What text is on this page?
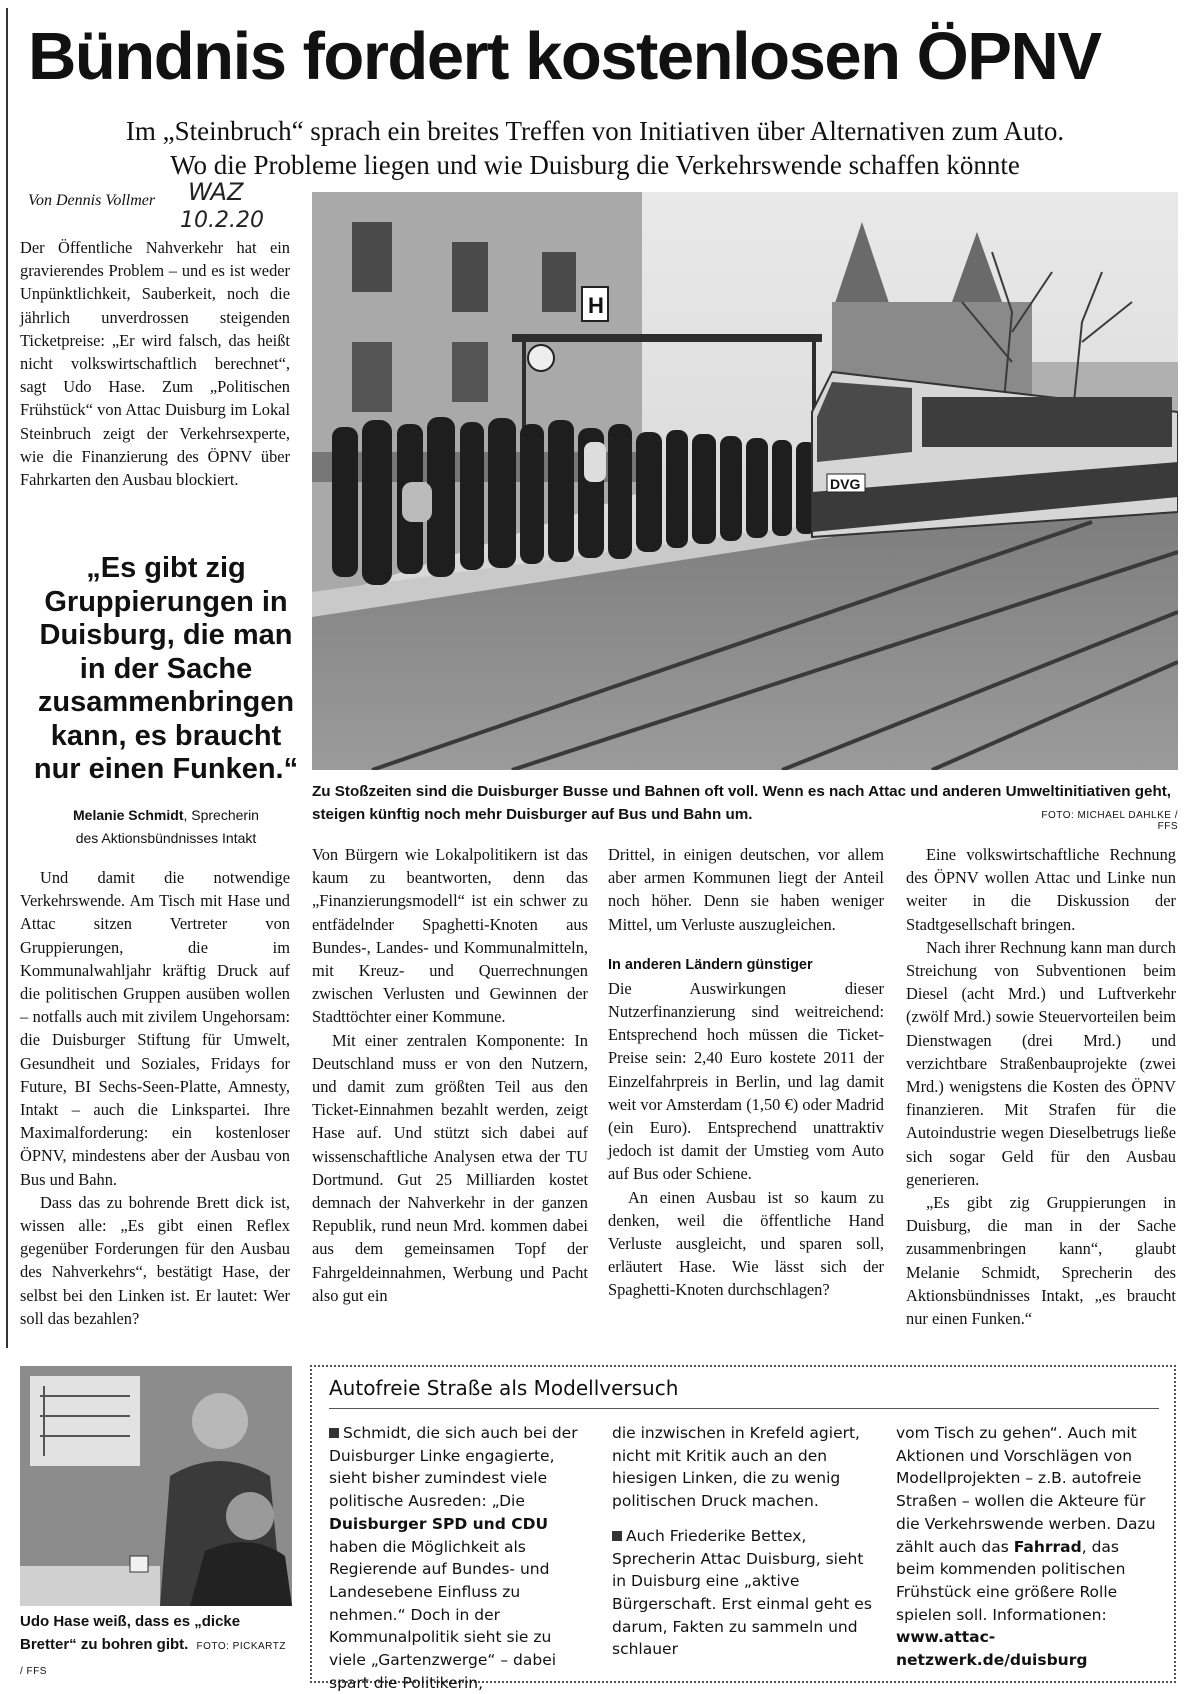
Bündnis fordert kostenlosen ÖPNV
Im „Steinbruch“ sprach ein breites Treffen von Initiativen über Alternativen zum Auto.
Wo die Probleme liegen und wie Duisburg die Verkehrswende schaffen könnte
Von Dennis Vollmer WAZ
10.2.20

Der Öffentliche Nahverkehr hat ein gravierendes Problem – und es ist weder Unpünktlichkeit, Sauberkeit, noch die jährlich unverdrossen steigenden Ticketpreise: „Er wird falsch, das heißt nicht volkswirtschaftlich berechnet“, sagt Udo Hase. Zum „Politischen Frühstück“ von Attac Duisburg im Lokal Steinbruch zeigt der Verkehrsexperte, wie die Finanzierung des ÖPNV über Fahrkarten den Ausbau blockiert.

„Es gibt zig Gruppierungen in Duisburg, die man in der Sache zusammenbringen kann, es braucht nur einen Funken.“
Melanie Schmidt, Sprecherin
des Aktionsbündnisses Intakt
H
DVG
Zu Stoßzeiten sind die Duisburger Busse und Bahnen oft voll. Wenn es nach Attac und anderen Umweltinitiativen geht, steigen künftig noch mehr Duisburger auf Bus und Bahn um.	FOTO: MICHAEL DAHLKE / FFS

Und damit die notwendige Verkehrswende. Am Tisch mit Hase und Attac sitzen Vertreter von Gruppierungen, die im Kommunalwahljahr kräftig Druck auf die politischen Gruppen ausüben wollen – notfalls auch mit zivilem Ungehorsam: die Duisburger Stiftung für Umwelt, Gesundheit und Soziales, Fridays for Future, BI Sechs-Seen-Platte, Amnesty, Intakt – auch die Linkspartei. Ihre Maximalforderung: ein kostenloser ÖPNV, mindestens aber der Ausbau von Bus und Bahn.

Dass das zu bohrende Brett dick ist, wissen alle: „Es gibt einen Reflex gegenüber Forderungen für den Ausbau des Nahverkehrs“, bestätigt Hase, der selbst bei den Linken ist. Er lautet: Wer soll das bezahlen?

Von Bürgern wie Lokalpolitikern ist das kaum zu beantworten, denn das „Finanzierungsmodell“ ist ein schwer zu entfädelnder Spaghetti-Knoten aus Bundes-, Landes- und Kommunalmitteln, mit Kreuz- und Querrechnungen zwischen Verlusten und Gewinnen der Stadttöchter einer Kommune.

Mit einer zentralen Komponente: In Deutschland muss er von den Nutzern, und damit zum größten Teil aus den Ticket-Einnahmen bezahlt werden, zeigt Hase auf. Und stützt sich dabei auf wissenschaftliche Analysen etwa der TU Dortmund. Gut 25 Milliarden kostet demnach der Nahverkehr in der ganzen Republik, rund neun Mrd. kommen dabei aus dem gemeinsamen Topf der Fahrgeldeinnahmen, Werbung und Pacht also gut ein

Drittel, in einigen deutschen, vor allem aber armen Kommunen liegt der Anteil noch höher. Denn sie haben weniger Mittel, um Verluste auszugleichen.

In anderen Ländern günstiger

Die Auswirkungen dieser Nutzerfinanzierung sind weitreichend: Entsprechend hoch müssen die Ticket-Preise sein: 2,40 Euro kostete 2011 der Einzelfahrpreis in Berlin, und lag damit weit vor Amsterdam (1,50 €) oder Madrid (ein Euro). Entsprechend unattraktiv jedoch ist damit der Umstieg vom Auto auf Bus oder Schiene.

An einen Ausbau ist so kaum zu denken, weil die öffentliche Hand Verluste ausgleicht, und sparen soll, erläutert Hase. Wie lässt sich der Spaghetti-Knoten durchschlagen?

Eine volkswirtschaftliche Rechnung des ÖPNV wollen Attac und Linke nun weiter in die Diskussion der Stadtgesellschaft bringen.

Nach ihrer Rechnung kann man durch Streichung von Subventionen beim Diesel (acht Mrd.) und Luftverkehr (zwölf Mrd.) sowie Steuervorteilen beim Dienstwagen (drei Mrd.) und verzichtbare Straßenbauprojekte (zwei Mrd.) wenigstens die Kosten des ÖPNV finanzieren. Mit Strafen für die Autoindustrie wegen Dieselbetrugs ließe sich sogar Geld für den Ausbau generieren.

„Es gibt zig Gruppierungen in Duisburg, die man in der Sache zusammenbringen kann“, glaubt Melanie Schmidt, Sprecherin des Aktionsbündnisses Intakt, „es braucht nur einen Funken.“

Udo Hase weiß, dass es „dicke Bretter“ zu bohren gibt. FOTO: PICKARTZ / FFS
Autofreie Straße als Modellversuch

Schmidt, die sich auch bei der Duisburger Linke engagierte, sieht bisher zumindest viele politische Ausreden: „Die Duisburger SPD und CDU haben die Möglichkeit als Regierende auf Bundes- und Landesebene Einfluss zu nehmen.“ Doch in der Kommunalpolitik sieht sie zu viele „Gartenzwerge“ – dabei spart die Politikerin,

die inzwischen in Krefeld agiert, nicht mit Kritik auch an den hiesigen Linken, die zu wenig politischen Druck machen.

Auch Friederike Bettex, Sprecherin Attac Duisburg, sieht in Duisburg eine „aktive Bürgerschaft. Erst einmal geht es darum, Fakten zu sammeln und schlauer

vom Tisch zu gehen“. Auch mit Aktionen und Vorschlägen von Modellprojekten – z.B. autofreie Straßen – wollen die Akteure für die Verkehrswende werben. Dazu zählt auch das Fahrrad, das beim kommenden politischen Frühstück eine größere Rolle spielen soll. Informationen:

www.attac-netzwerk.de/duisburg
